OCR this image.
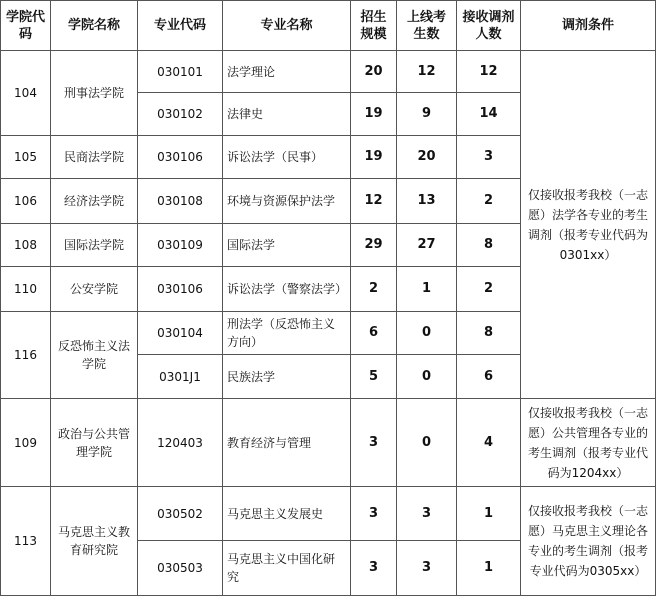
学院代码	学院名称	专业代码	专业名称	招生规模	上线考生数	接收调剂人数	调剂条件
104	刑事法学院	030101	法学理论	20	12	12	仅接收报考我校（一志愿）法学各专业的考生调剂（报考专业代码为0301xx）
		030102	法律史	19	9	14	
105	民商法学院	030106	诉讼法学（民事）	19	20	3	
106	经济法学院	030108	环境与资源保护法学	12	13	2	
108	国际法学院	030109	国际法学	29	27	8	
110	公安学院	030106	诉讼法学（警察法学）	2	1	2	
116	反恐怖主义法学院	030104	刑法学（反恐怖主义方向）	6	0	8	
		0301J1	民族法学	5	0	6	
109	政治与公共管理学院	120403	教育经济与管理	3	0	4	仅接收报考我校（一志愿）公共管理各专业的考生调剂（报考专业代码为1204xx）
113	马克思主义教育研究院	030502	马克思主义发展史	3	3	1	仅接收报考我校（一志愿）马克思主义理论各专业的考生调剂（报考专业代码为0305xx）
		030503	马克思主义中国化研究	3	3	1	
